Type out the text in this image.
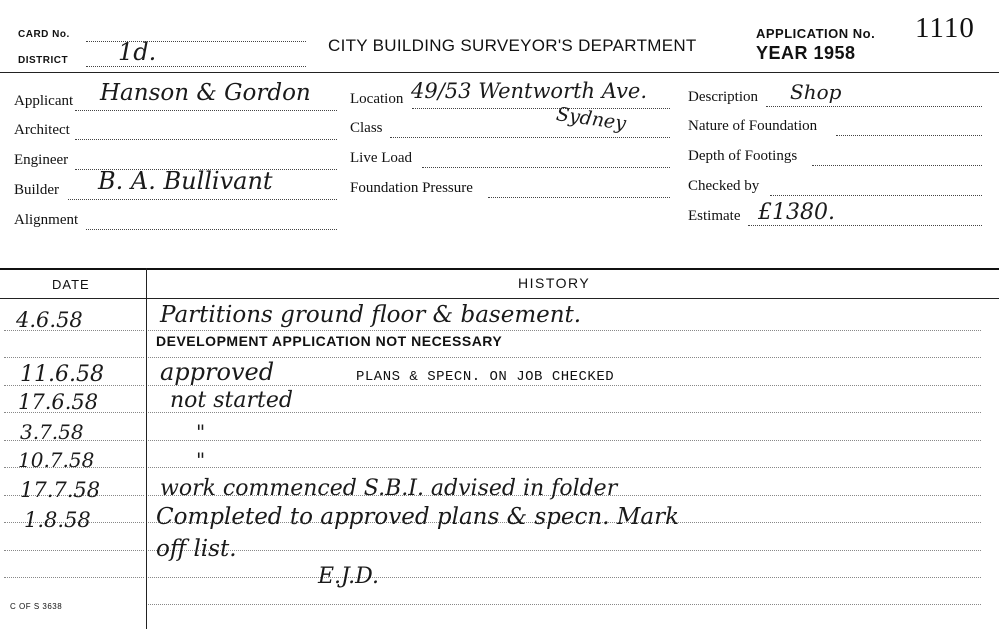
CARD No.
DISTRICT 1d.	CITY BUILDING SURVEYOR'S DEPARTMENT
APPLICATION No. 1110
YEAR 1958
Applicant Hanson & Gordon
Architect
Engineer
Builder B. A. Bullivant
Alignment
Location 49/53 Wentworth Ave.
Class	Sydney
Live Load
Foundation Pressure
Description Shop
Nature of Foundation
Depth of Footings
Checked by
Estimate £1380.
DATE	HISTORY
4.6.58	Partitions ground floor & basement.
DEVELOPMENT APPLICATION NOT NECESSARY
11.6.58 approved	PLANS & SPECN. ON JOB CHECKED
17.6.58	not started
3.7.58	"
10.7.58	"
17.7.58	work commenced S.B.I. advised in folder
1.8.58	Completed to approved plans & specn. Mark
off list.
E.J.D.
C OF S 3638
